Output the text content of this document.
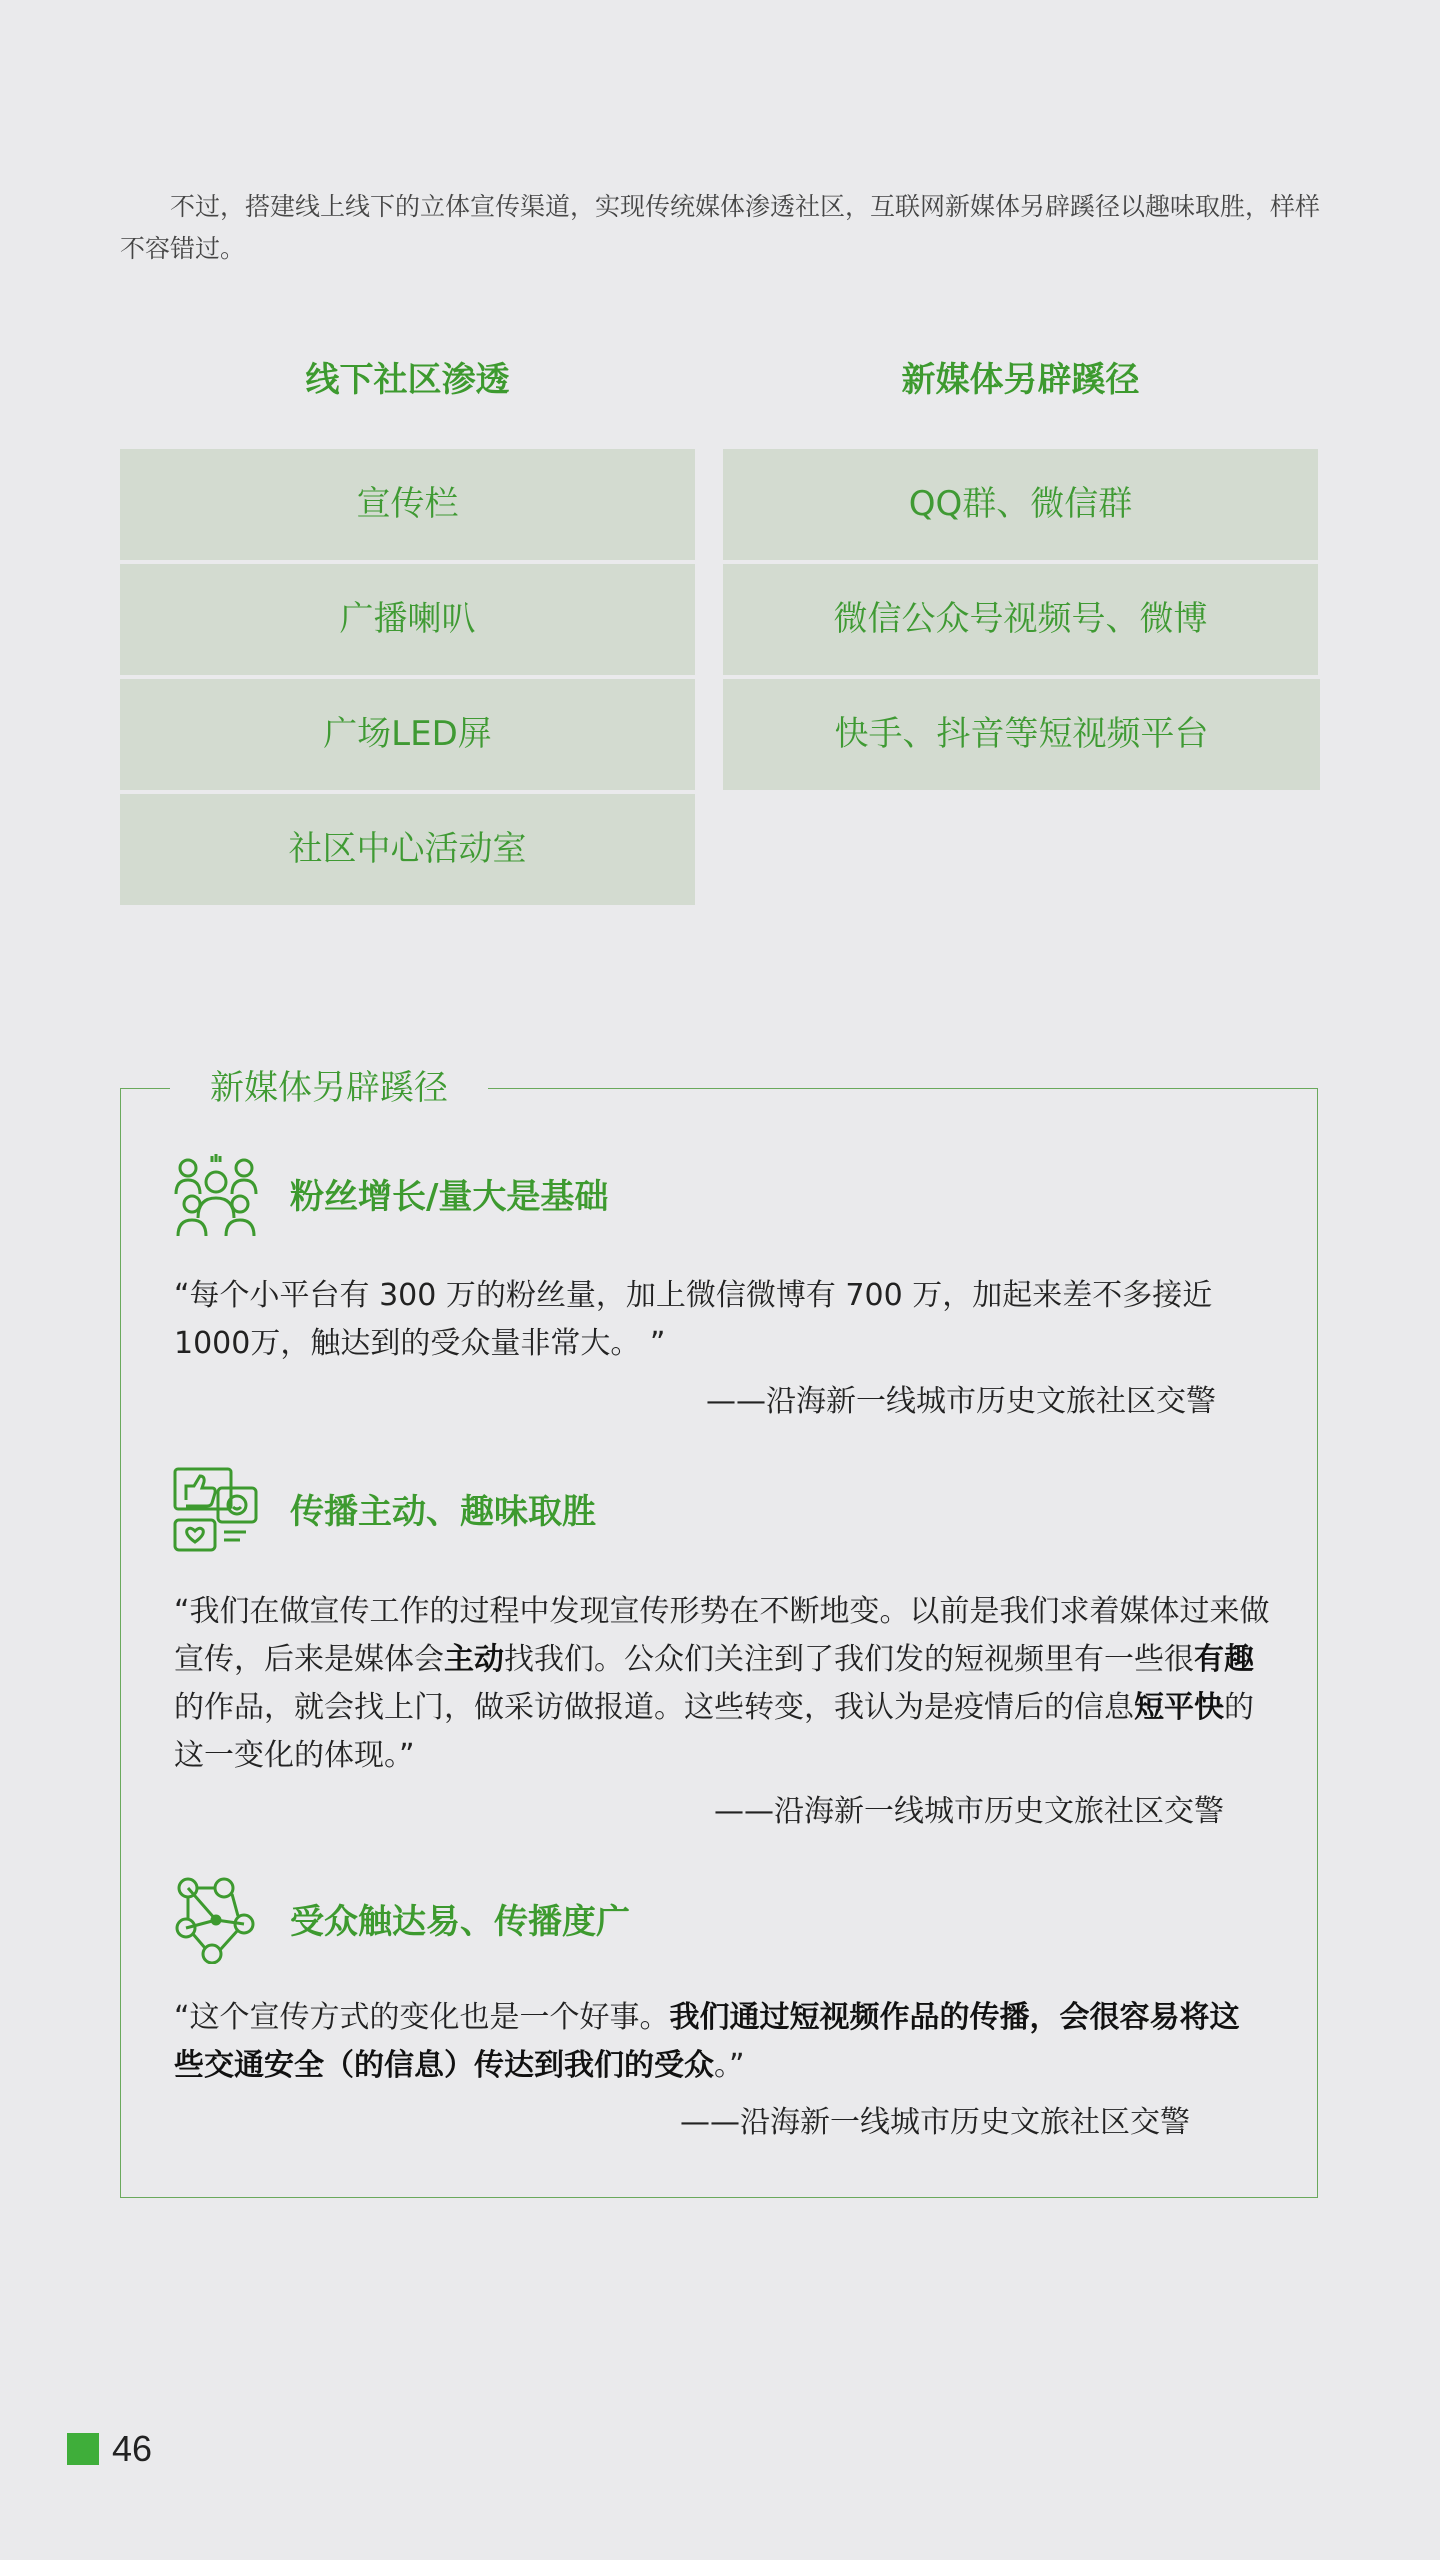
不过，搭建线上线下的立体宣传渠道，实现传统媒体渗透社区，互联网新媒体另辟蹊径以趣味取胜，样样不容错过。

线下社区渗透
宣传栏
广播喇叭
广场LED屏
社区中心活动室
新媒体另辟蹊径
QQ群、微信群
微信公众号视频号、微博
快手、抖音等短视频平台
新媒体另辟蹊径
粉丝增长/量大是基础

“每个小平台有 300 万的粉丝量，加上微信微博有 700 万，加起来差不多接近1000万，触达到的受众量非常大。 ”

——沿海新一线城市历史文旅社区交警
传播主动、趣味取胜

“我们在做宣传工作的过程中发现宣传形势在不断地变。以前是我们求着媒体过来做宣传，后来是媒体会主动找我们。公众们关注到了我们发的短视频里有一些很有趣的作品，就会找上门，做采访做报道。这些转变，我认为是疫情后的信息短平快的这一变化的体现。”

——沿海新一线城市历史文旅社区交警
受众触达易、传播度广

“这个宣传方式的变化也是一个好事。我们通过短视频作品的传播，会很容易将这些交通安全（的信息）传达到我们的受众。”

——沿海新一线城市历史文旅社区交警
46
